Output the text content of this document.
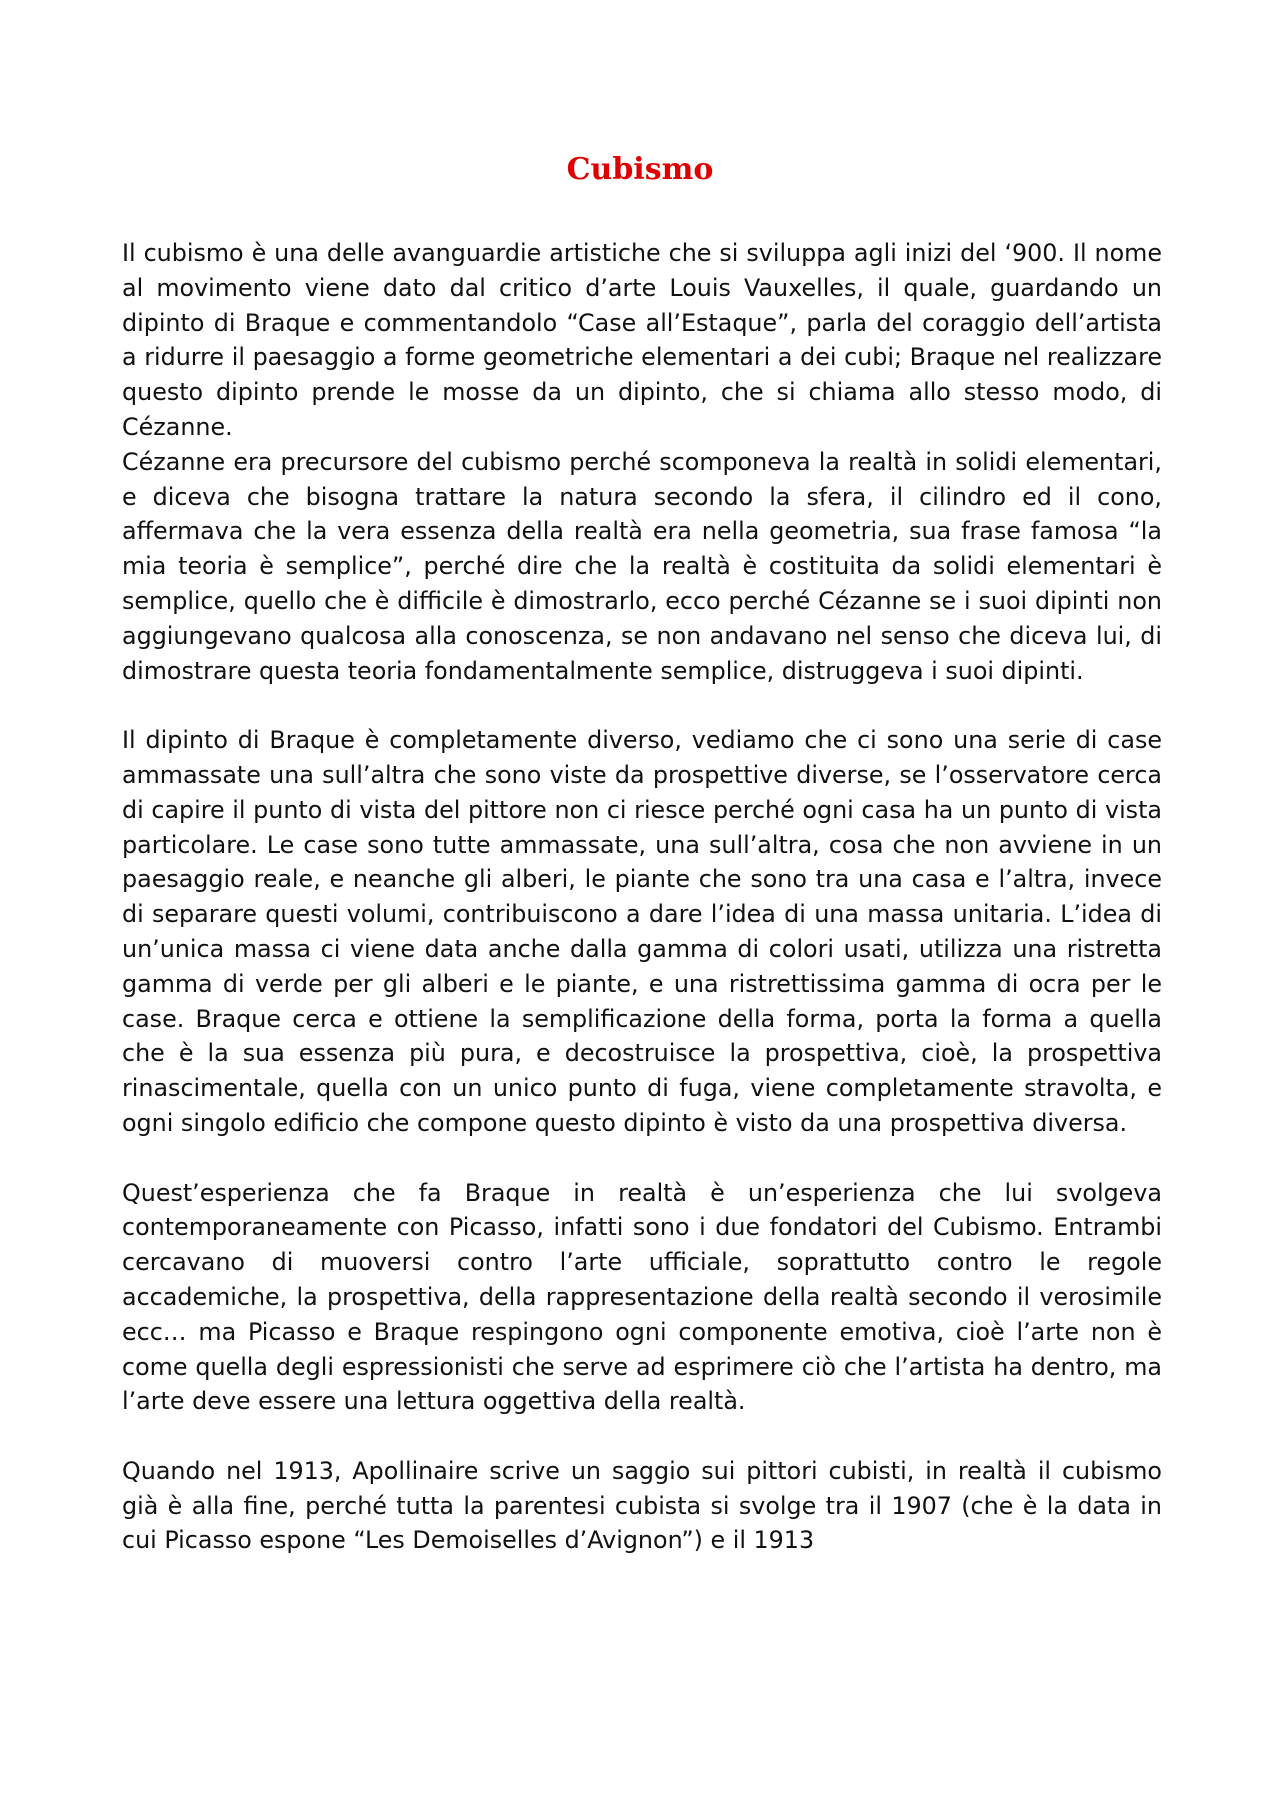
Cubismo

Il cubismo è una delle avanguardie artistiche che si sviluppa agli inizi del ‘900. Il nome al movimento viene dato dal critico d’arte Louis Vauxelles, il quale, guardando un dipinto di Braque e commentandolo “Case all’Estaque”, parla del coraggio dell’artista a ridurre il paesaggio a forme geometriche elementari a dei cubi; Braque nel realizzare questo dipinto prende le mosse da un dipinto, che si chiama allo stesso modo, di Cézanne.

Cézanne era precursore del cubismo perché scomponeva la realtà in solidi elementari, e diceva che bisogna trattare la natura secondo la sfera, il cilindro ed il cono, affermava che la vera essenza della realtà era nella geometria, sua frase famosa “la mia teoria è semplice”, perché dire che la realtà è costituita da solidi elementari è semplice, quello che è difficile è dimostrarlo, ecco perché Cézanne se i suoi dipinti non aggiungevano qualcosa alla conoscenza, se non andavano nel senso che diceva lui, di dimostrare questa teoria fondamentalmente semplice, distruggeva i suoi dipinti.

Il dipinto di Braque è completamente diverso, vediamo che ci sono una serie di case ammassate una sull’altra che sono viste da prospettive diverse, se l’osservatore cerca di capire il punto di vista del pittore non ci riesce perché ogni casa ha un punto di vista particolare. Le case sono tutte ammassate, una sull’altra, cosa che non avviene in un paesaggio reale, e neanche gli alberi, le piante che sono tra una casa e l’altra, invece di separare questi volumi, contribuiscono a dare l’idea di una massa unitaria. L’idea di un’unica massa ci viene data anche dalla gamma di colori usati, utilizza una ristretta gamma di verde per gli alberi e le piante, e una ristrettissima gamma di ocra per le case. Braque cerca e ottiene la semplificazione della forma, porta la forma a quella che è la sua essenza più pura, e decostruisce la prospettiva, cioè, la prospettiva rinascimentale, quella con un unico punto di fuga, viene completamente stravolta, e ogni singolo edificio che compone questo dipinto è visto da una prospettiva diversa.

Quest’esperienza che fa Braque in realtà è un’esperienza che lui svolgeva contemporaneamente con Picasso, infatti sono i due fondatori del Cubismo. Entrambi cercavano di muoversi contro l’arte ufficiale, soprattutto contro le regole accademiche, la prospettiva, della rappresentazione della realtà secondo il verosimile ecc… ma Picasso e Braque respingono ogni componente emotiva, cioè l’arte non è come quella degli espressionisti che serve ad esprimere ciò che l’artista ha dentro, ma l’arte deve essere una lettura oggettiva della realtà.

Quando nel 1913, Apollinaire scrive un saggio sui pittori cubisti, in realtà il cubismo già è alla fine, perché tutta la parentesi cubista si svolge tra il 1907 (che è la data in cui Picasso espone “Les Demoiselles d’Avignon”) e il 1913
